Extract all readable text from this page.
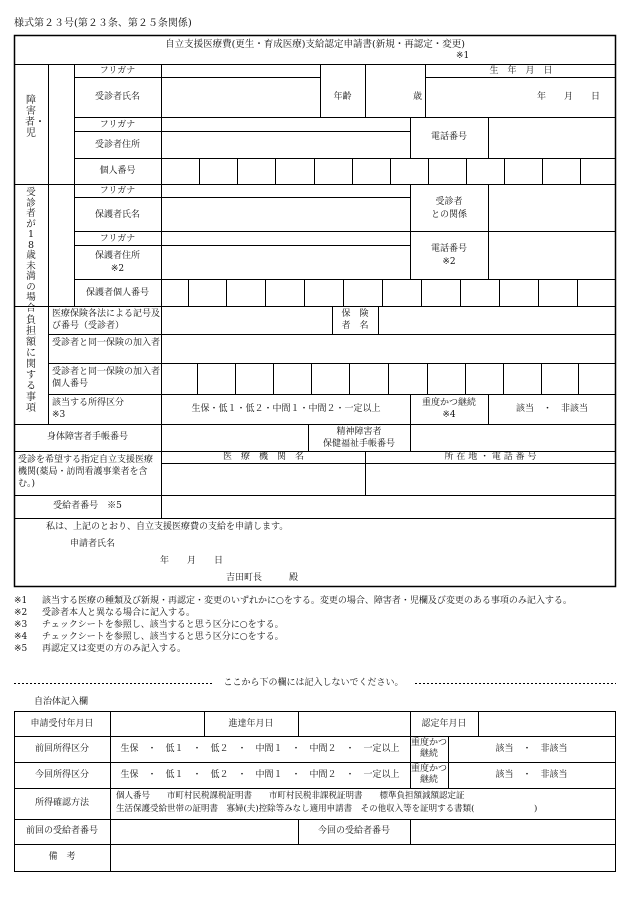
様式第２３号(第２３条、第２５条関係)
自立支援医療費(更生・育成医療)支給認定申請書(新規・再認定・変更)
※1
障害者・児
受診者が18歳未満の場合
負担額に関する事項
フリガナ
受診者氏名	年齢	歳
生　年　月　日
年　　月　　日
フリガナ
受診者住所
電話番号
個人番号
フリガナ
保護者氏名
受診者
との関係
フリガナ
保護者住所
※2
電話番号
※2
保護者個人番号
医療保険各法による記号及び番号（受診者）
保　険
者　名
受診者と同一保険の加入者
受診者と同一保険の加入者個人番号
該当する所得区分
※3
生保・低１・低２・中間１・中間２・一定以上
重度かつ継続
※4
該当　・　非該当
身体障害者手帳番号	精神障害者
保健福祉手帳番号
受診を希望する指定自立支援医療機関(薬局・訪問看護事業者を含む。)
医　療　機　関　名	所 在 地 ・ 電 話 番 号
受給者番号　※5
私は、上記のとおり、自立支援医療費の支給を申請します。
申請者氏名
年　　月　　日
吉田町長　　　殿
※1	該当する医療の種類及び新規・再認定・変更のいずれかに○をする。変更の場合、障害者・児欄及び変更のある事項のみ記入する。
※2	受診者本人と異なる場合に記入する。
※3	チェックシートを参照し、該当すると思う区分に○をする。
※4	チェックシートを参照し、該当すると思う区分に○をする。
※5	再認定又は変更の方のみ記入する。
ここから下の欄には記入しないでください。
自治体記入欄
申請受付年月日	進達年月日	認定年月日
前回所得区分	生保　・　低１　・　低２　・　中間１　・　中間２　・　一定以上
重度かつ
継続	該当　・　非該当
今回所得区分	生保　・　低１　・　低２　・　中間１　・　中間２　・　一定以上
重度かつ
継続	該当　・　非該当
所得確認方法
個人番号　　市町村民税課税証明書　　市町村民税非課税証明書　　標準負担額減額認定証
生活保護受給世帯の証明書　寡婦(夫)控除等みなし適用申請書　その他収入等を証明する書類(　　　　　　　)
前回の受給者番号	今回の受給者番号
備　考
